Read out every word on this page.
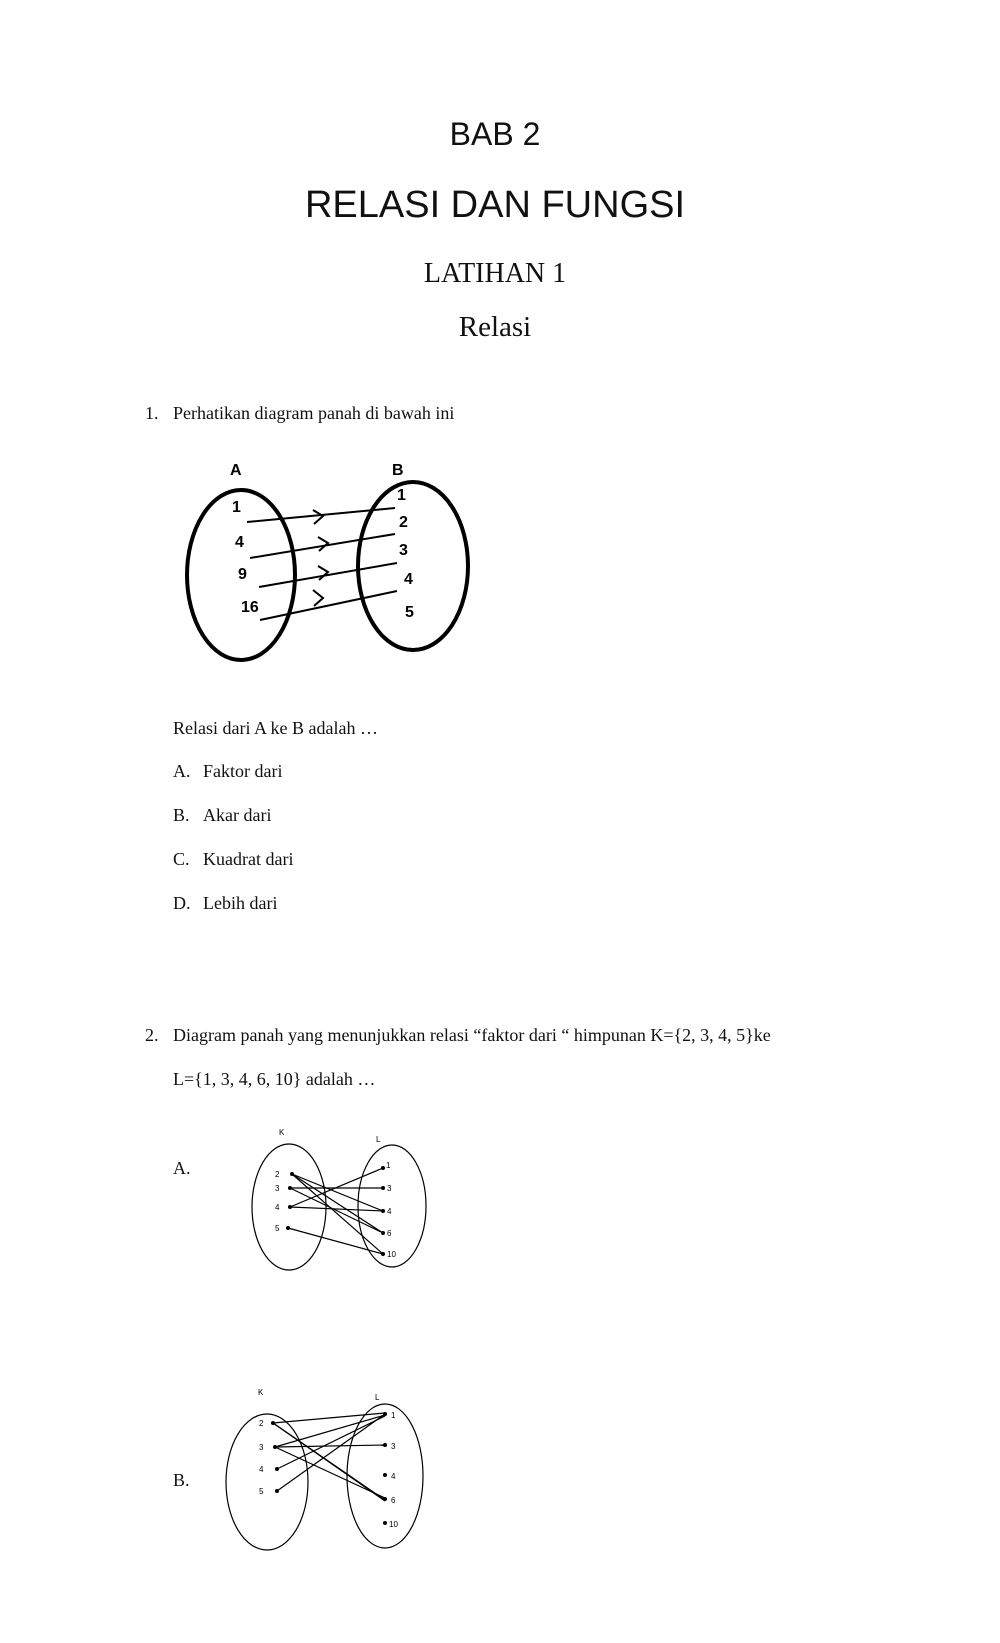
BAB 2
RELASI DAN FUNGSI
LATIHAN 1
Relasi
1. Perhatikan diagram panah di bawah ini
A	B
1
4
9
16
1
2
3
4
5
Relasi dari A ke B adalah …
A. Faktor dari
B. Akar dari
C. Kuadrat dari
D. Lebih dari
2. Diagram panah yang menunjukkan relasi “faktor dari “ himpunan K={2, 3, 4, 5}ke
L={1, 3, 4, 6, 10} adalah …
A.
K
L
2
3
4
5
1
3
4
6
10
B.
K
L
2
3
4
5
1
3
4
6
10
